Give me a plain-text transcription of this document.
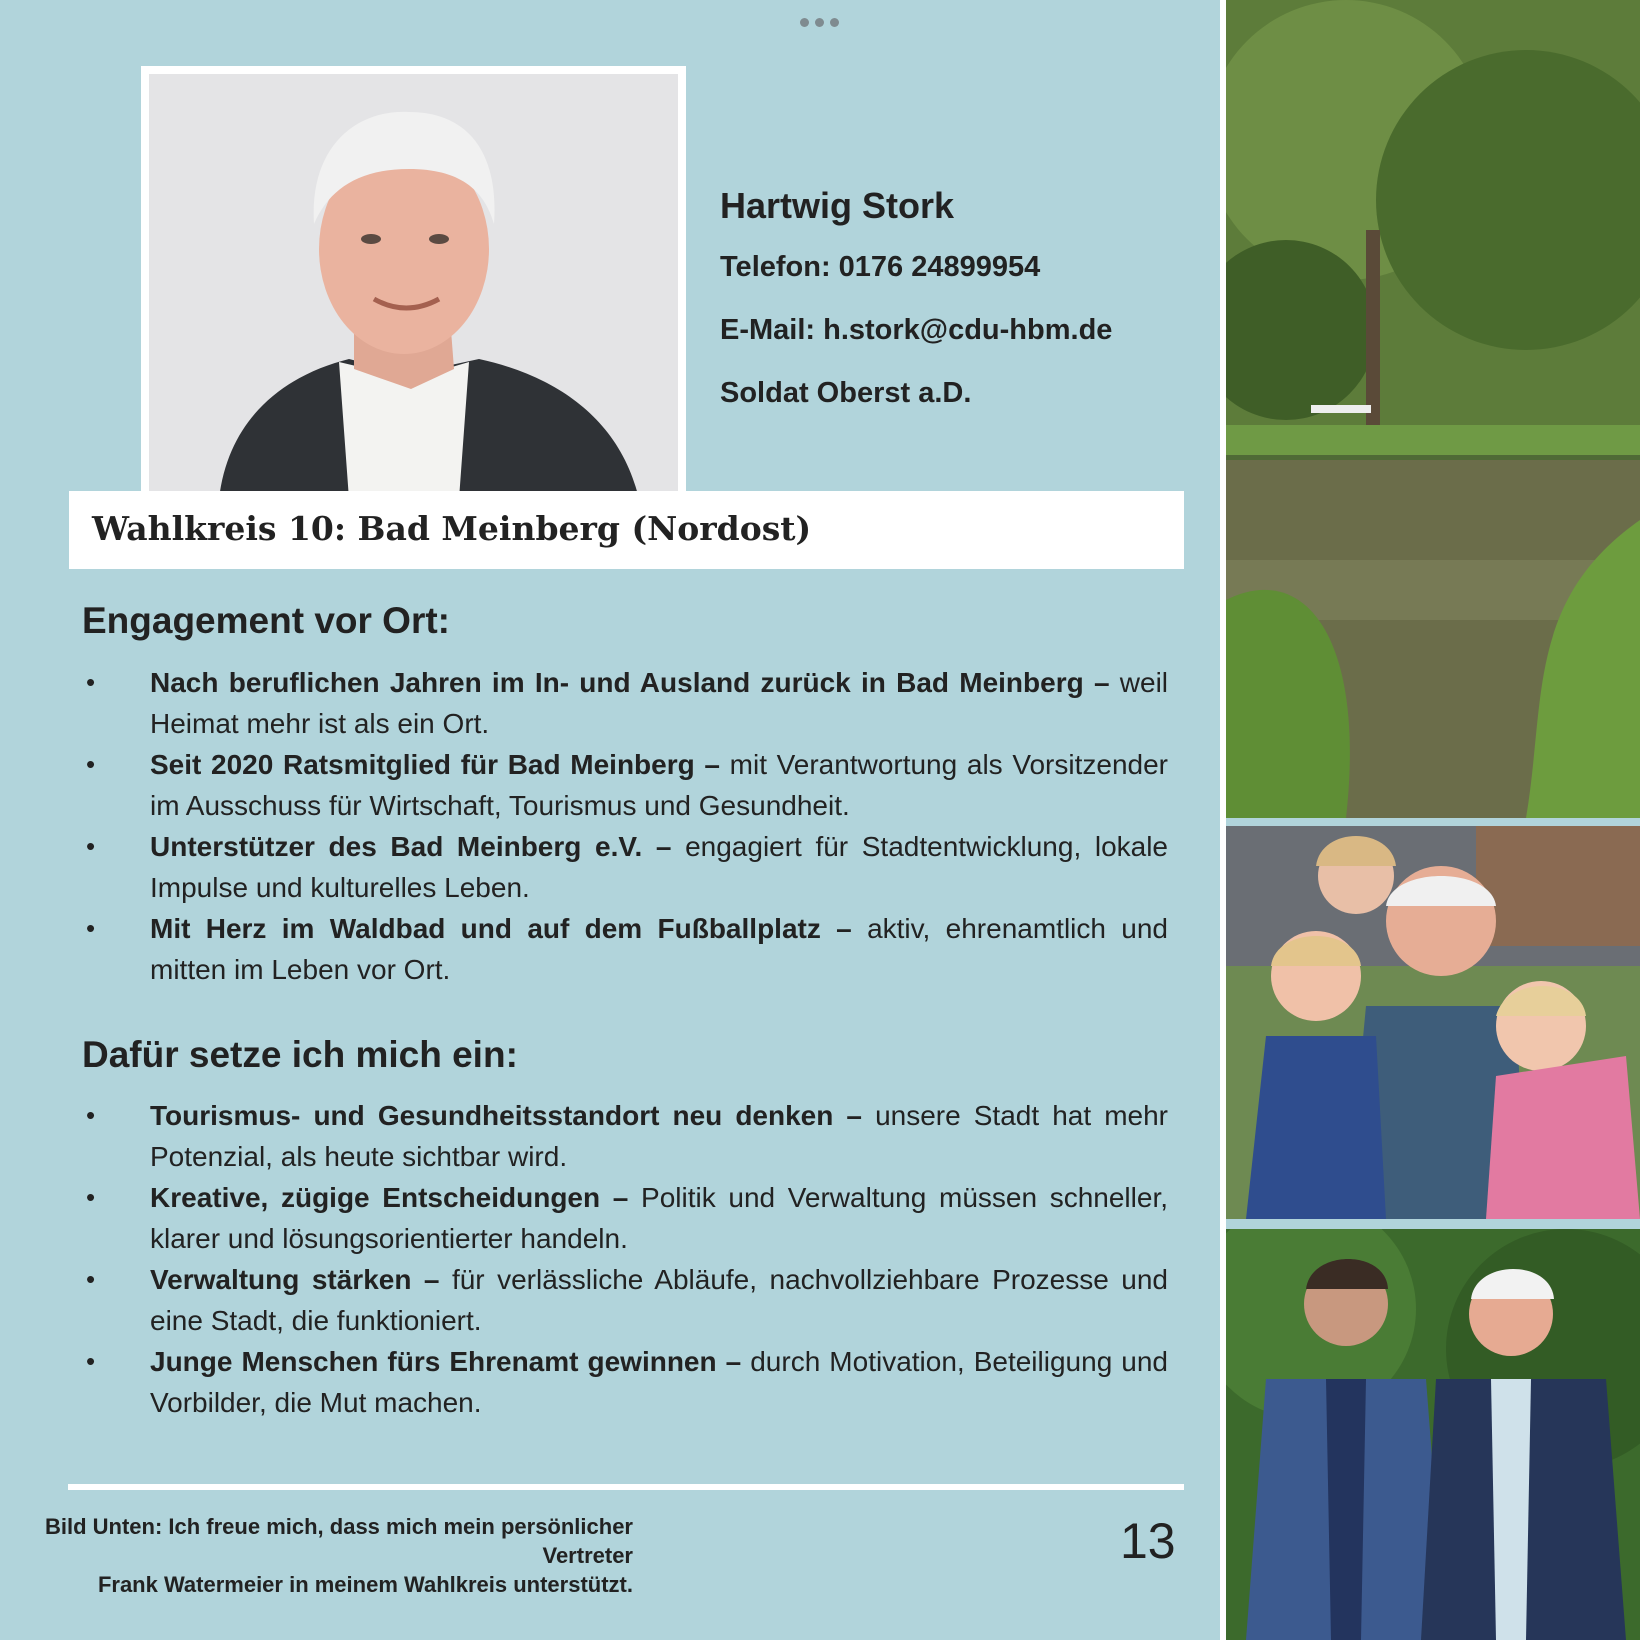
Hartwig Stork
Telefon: 0176 24899954
E-Mail: h.stork@cdu-hbm.de
Soldat Oberst a.D.
Wahlkreis 10: Bad Meinberg (Nordost)
Engagement vor Ort:
• Nach beruflichen Jahren im In- und Ausland zurück in Bad Meinberg – weil Heimat mehr ist als ein Ort.
• Seit 2020 Ratsmitglied für Bad Meinberg – mit Verantwortung als Vorsitzender im Ausschuss für Wirtschaft, Tourismus und Gesundheit.
• Unterstützer des Bad Meinberg e.V. – engagiert für Stadtentwicklung, lokale Impulse und kulturelles Leben.
• Mit Herz im Waldbad und auf dem Fußballplatz – aktiv, ehrenamtlich und mitten im Leben vor Ort.
Dafür setze ich mich ein:
• Tourismus- und Gesundheitsstandort neu denken – unsere Stadt hat mehr Potenzial, als heute sichtbar wird.
• Kreative, zügige Entscheidungen – Politik und Verwaltung müssen schneller, klarer und lösungsorientierter handeln.
• Verwaltung stärken – für verlässliche Abläufe, nachvollziehbare Prozesse und eine Stadt, die funktioniert.
• Junge Menschen fürs Ehrenamt gewinnen – durch Motivation, Beteiligung und Vorbilder, die Mut machen.
Bild Unten: Ich freue mich, dass mich mein persönlicher Vertreter
Frank Watermeier in meinem Wahlkreis unterstützt.
13
